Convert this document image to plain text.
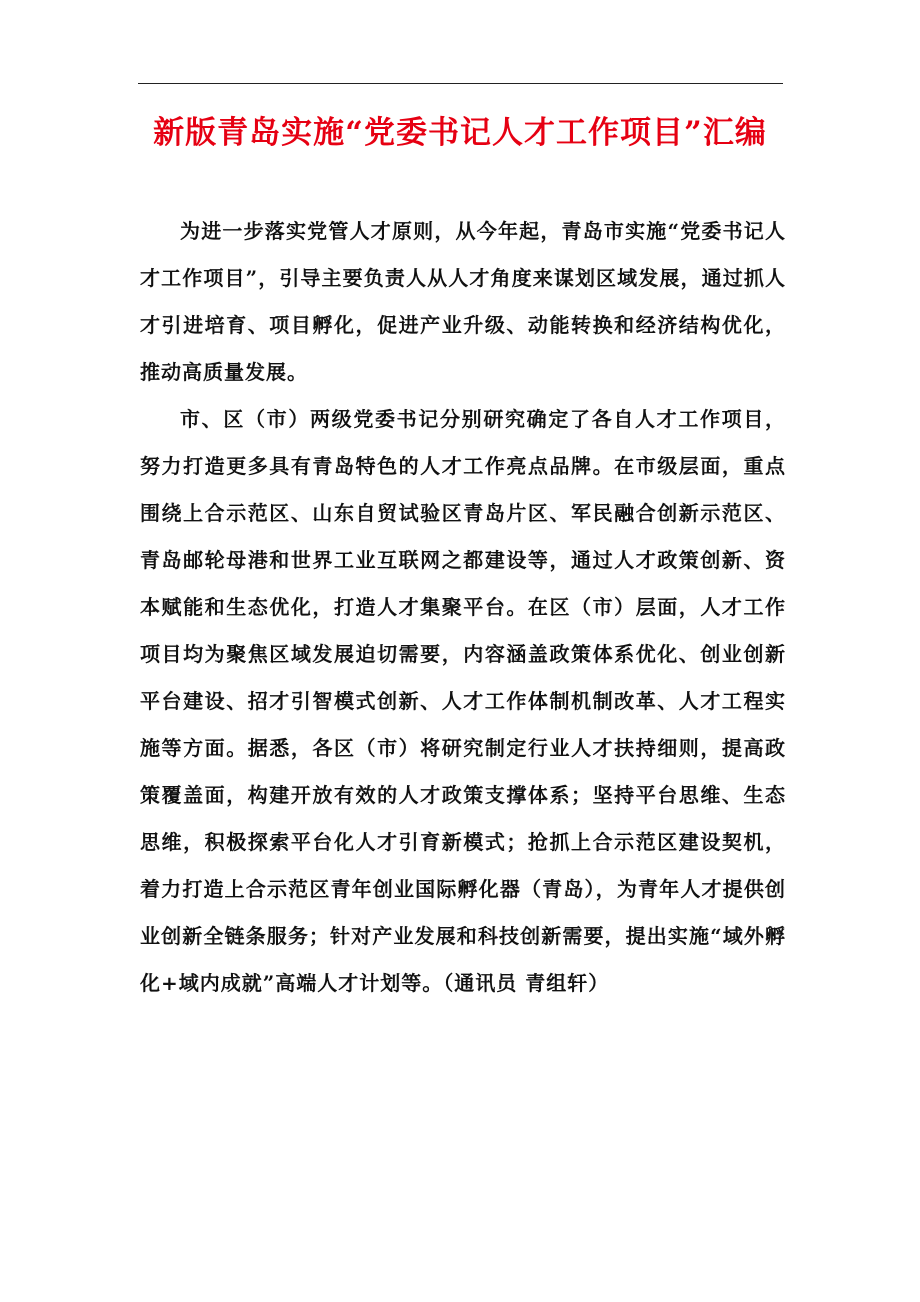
新版青岛实施“党委书记人才工作项目”汇编

为进一步落实党管人才原则，从今年起，青岛市实施“党委书记人才工作项目”，引导主要负责人从人才角度来谋划区域发展，通过抓人才引进培育、项目孵化，促进产业升级、动能转换和经济结构优化，推动高质量发展。

市、区（市）两级党委书记分别研究确定了各自人才工作项目，努力打造更多具有青岛特色的人才工作亮点品牌。在市级层面，重点围绕上合示范区、山东自贸试验区青岛片区、军民融合创新示范区、青岛邮轮母港和世界工业互联网之都建设等，通过人才政策创新、资本赋能和生态优化，打造人才集聚平台。在区（市）层面，人才工作项目均为聚焦区域发展迫切需要，内容涵盖政策体系优化、创业创新平台建设、招才引智模式创新、人才工作体制机制改革、人才工程实施等方面。据悉，各区（市）将研究制定行业人才扶持细则，提高政策覆盖面，构建开放有效的人才政策支撑体系；坚持平台思维、生态思维，积极探索平台化人才引育新模式；抢抓上合示范区建设契机，着力打造上合示范区青年创业国际孵化器（青岛），为青年人才提供创业创新全链条服务；针对产业发展和科技创新需要，提出实施“域外孵化+域内成就”高端人才计划等。（通讯员 青组轩）
